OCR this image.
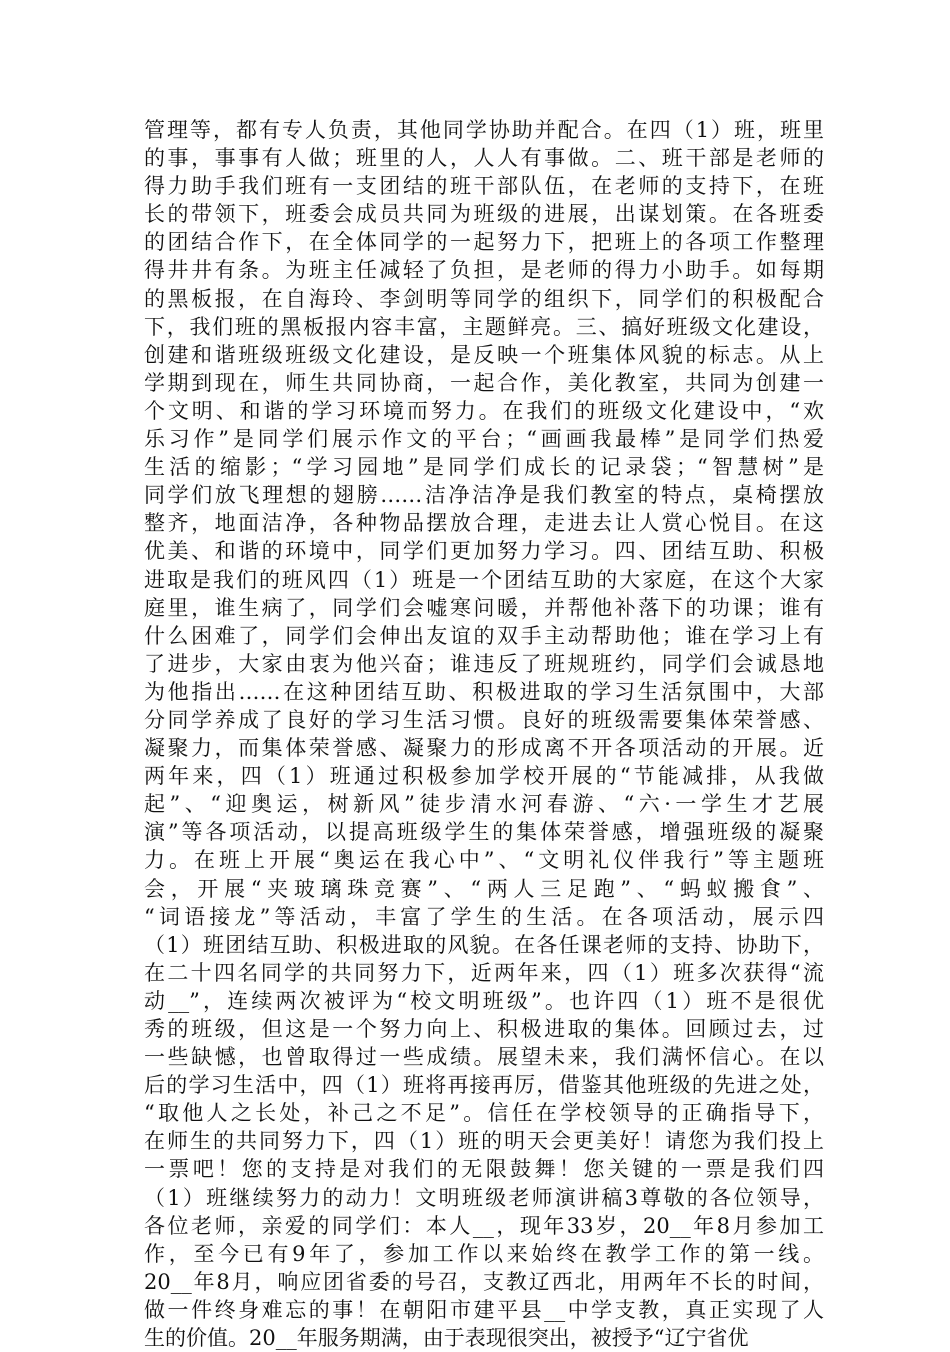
管理等，都有专人负责，其他同学协助并配合。在四（1）班，班里
的事，事事有人做；班里的人，人人有事做。二、班干部是老师的
得力助手我们班有一支团结的班干部队伍，在老师的支持下，在班
长的带领下，班委会成员共同为班级的进展，出谋划策。在各班委
的团结合作下，在全体同学的一起努力下，把班上的各项工作整理
得井井有条。为班主任减轻了负担，是老师的得力小助手。如每期
的黑板报，在自海玲、李剑明等同学的组织下，同学们的积极配合
下，我们班的黑板报内容丰富，主题鲜亮。三、搞好班级文化建设，
创建和谐班级班级文化建设，是反映一个班集体风貌的标志。从上
学期到现在，师生共同协商，一起合作，美化教室，共同为创建一
个文明、和谐的学习环境而努力。在我们的班级文化建设中，“欢
乐习作”是同学们展示作文的平台；“画画我最棒”是同学们热爱
生活的缩影；“学习园地”是同学们成长的记录袋；“智慧树”是
同学们放飞理想的翅膀……洁净洁净是我们教室的特点，桌椅摆放
整齐，地面洁净，各种物品摆放合理，走进去让人赏心悦目。在这
优美、和谐的环境中，同学们更加努力学习。四、团结互助、积极
进取是我们的班风四（1）班是一个团结互助的大家庭，在这个大家
庭里，谁生病了，同学们会嘘寒问暖，并帮他补落下的功课；谁有
什么困难了，同学们会伸出友谊的双手主动帮助他；谁在学习上有
了进步，大家由衷为他兴奋；谁违反了班规班约，同学们会诚恳地
为他指出……在这种团结互助、积极进取的学习生活氛围中，大部
分同学养成了良好的学习生活习惯。良好的班级需要集体荣誉感、
凝聚力，而集体荣誉感、凝聚力的形成离不开各项活动的开展。近
两年来，四（1）班通过积极参加学校开展的“节能减排，从我做
起”、“迎奥运，树新风”徒步清水河春游、“六·一学生才艺展
演”等各项活动，以提高班级学生的集体荣誉感，增强班级的凝聚
力。在班上开展“奥运在我心中”、“文明礼仪伴我行”等主题班
会，开展“夹玻璃珠竞赛”、“两人三足跑”、“蚂蚁搬食”、
“词语接龙”等活动，丰富了学生的生活。在各项活动，展示四
（1）班团结互助、积极进取的风貌。在各任课老师的支持、协助下，
在二十四名同学的共同努力下，近两年来，四（1）班多次获得“流
动__”，连续两次被评为“校文明班级”。也许四（1）班不是很优
秀的班级，但这是一个努力向上、积极进取的集体。回顾过去，过
一些缺憾，也曾取得过一些成绩。展望未来，我们满怀信心。在以
后的学习生活中，四（1）班将再接再厉，借鉴其他班级的先进之处，
“取他人之长处，补己之不足”。信任在学校领导的正确指导下，
在师生的共同努力下，四（1）班的明天会更美好！请您为我们投上
一票吧！您的支持是对我们的无限鼓舞！您关键的一票是我们四
（1）班继续努力的动力！文明班级老师演讲稿3尊敬的各位领导，
各位老师，亲爱的同学们：本人__，现年33岁，20__年8月参加工
作，至今已有9年了，参加工作以来始终在教学工作的第一线。
20__年8月，响应团省委的号召，支教辽西北，用两年不长的时间，
做一件终身难忘的事！在朝阳市建平县__中学支教，真正实现了人
生的价值。20__年服务期满，由于表现很突出，被授予“辽宁省优
